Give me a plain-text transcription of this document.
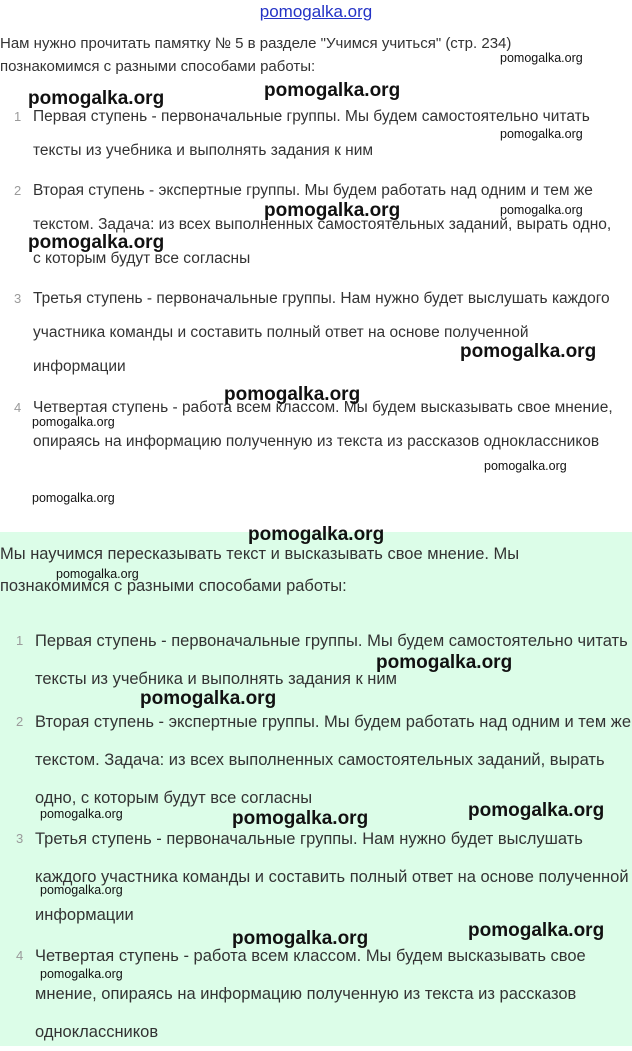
pomogalka.org
Нам нужно прочитать памятку № 5 в разделе "Учимся учиться" (стр. 234) познакомимся с разными способами работы:
1 Первая ступень - первоначальные группы. Мы будем самостоятельно читать тексты из учебника и выполнять задания к ним
2 Вторая ступень - экспертные группы. Мы будем работать над одним и тем же текстом. Задача: из всех выполненных самостоятельных заданий, вырать одно, с которым будут все согласны
3 Третья ступень - первоначальные группы. Нам нужно будет выслушать каждого участника команды и составить полный ответ на основе полученной информации
4 Четвертая ступень - работа всем классом. Мы будем высказывать свое мнение, опираясь на информацию полученную из текста из рассказов одноклассников
Мы научимся пересказывать текст и высказывать свое мнение. Мы познакомимся с разными способами работы:
1 Первая ступень - первоначальные группы. Мы будем самостоятельно читать тексты из учебника и выполнять задания к ним
2 Вторая ступень - экспертные группы. Мы будем работать над одним и тем же текстом. Задача: из всех выполненных самостоятельных заданий, вырать одно, с которым будут все согласны
3 Третья ступень - первоначальные группы. Нам нужно будет выслушать каждого участника команды и составить полный ответ на основе полученной информации
4 Четвертая ступень - работа всем классом. Мы будем высказывать свое мнение, опираясь на информацию полученную из текста из рассказов одноклассников
pomogalka.org
pomogalka.org	pomogalka.org
pomogalka.org
pomogalka.org	pomogalka.org
pomogalka.org
pomogalka.org
pomogalka.org
pomogalka.org
pomogalka.org
pomogalka.org
pomogalka.org
pomogalka.org
pomogalka.org
pomogalka.org
pomogalka.org
pomogalka.org	pomogalka.org
pomogalka.org
pomogalka.org
pomogalka.org
pomogalka.org
